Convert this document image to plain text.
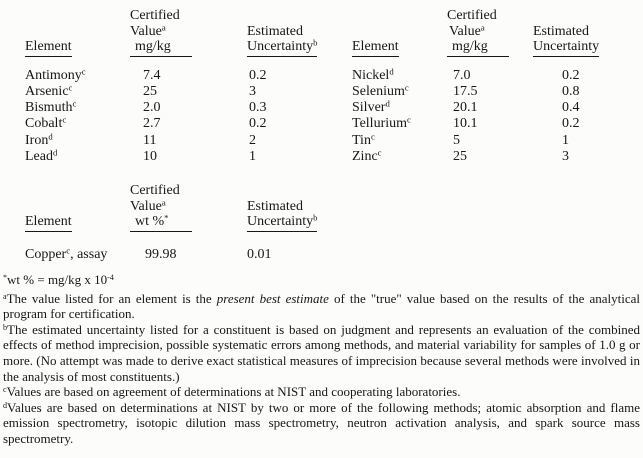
Element
Certified
Value$^a$
mg/kg
Estimated
Uncertainty$^b$
Antimony$^c$	7.4	0.2
Arsenic$^c$	25	3
Bismuth$^c$	2.0	0.3
Cobalt$^c$	2.7	0.2
Iron$^d$	11	2
Lead$^d$	10	1
Element
Certified
Value$^a$
mg/kg
Estimated
Uncertainty
Nickel$^d$	7.0	0.2
Selenium$^c$	17.5	0.8
Silver$^d$	20.1	0.4
Tellurium$^c$	10.1	0.2
Tin$^c$	5	1
Zinc$^c$	25	3
Element
Certified
Value$^a$
wt %*
Estimated
Uncertainty$^b$
Copper$^c$, assay	99.98	0.01
*wt % = mg/kg x $10^{-4}$
$^a$The value listed for an element is the present best estimate of the "true" value based on the results of the analytical program for certification.
$^b$The estimated uncertainty listed for a constituent is based on judgment and represents an evaluation of the combined effects of method imprecision, possible systematic errors among methods, and material variability for samples of 1.0 g or more. (No attempt was made to derive exact statistical measures of imprecision because several methods were involved in the analysis of most constituents.)
$^c$Values are based on agreement of determinations at NIST and cooperating laboratories.
$^d$Values are based on determinations at NIST by two or more of the following methods; atomic absorption and flame emission spectrometry, isotopic dilution mass spectrometry, neutron activation analysis, and spark source mass spectrometry.
